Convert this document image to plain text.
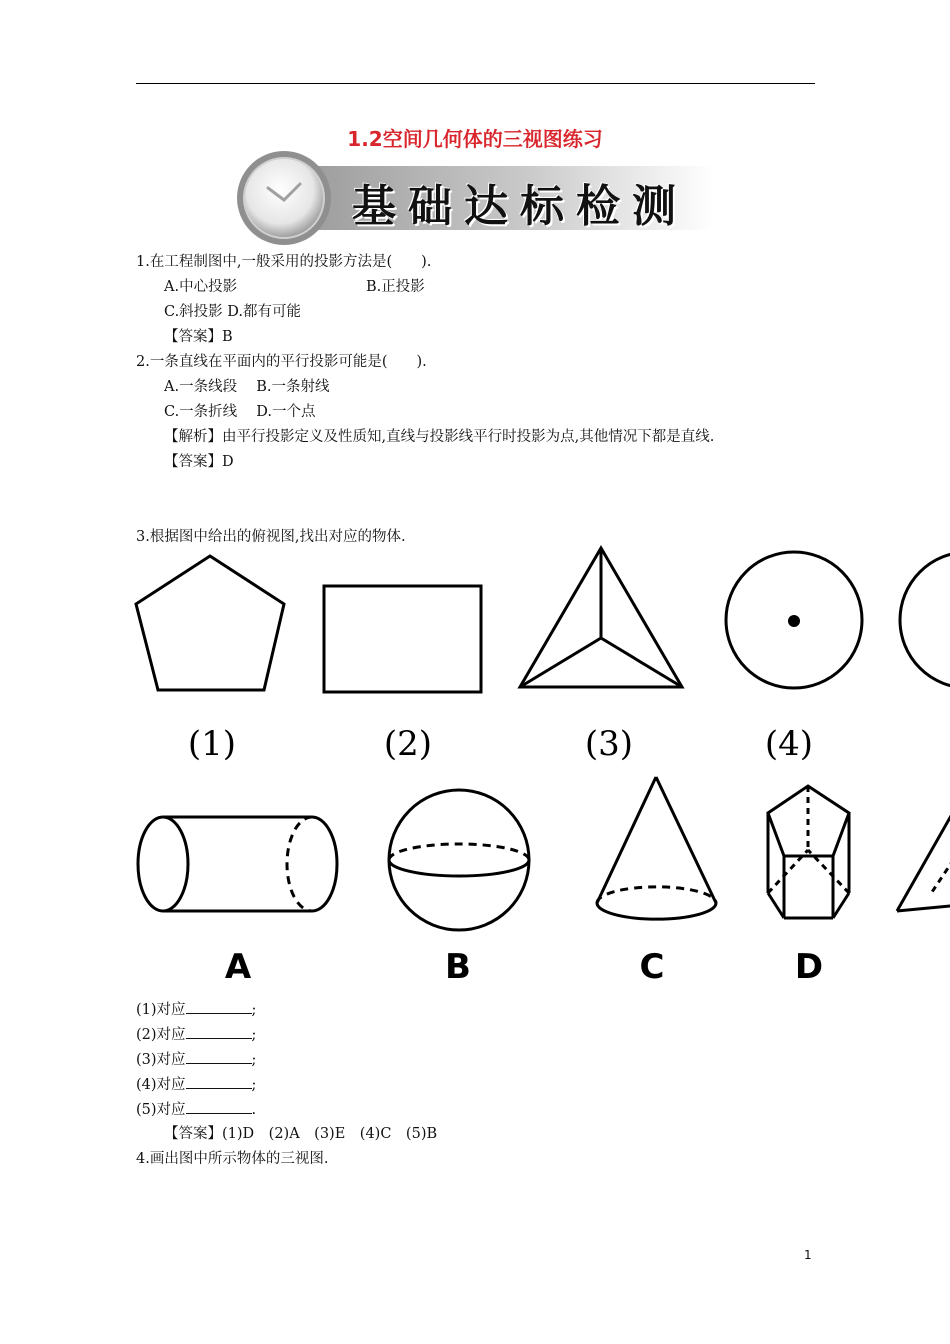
1.2空间几何体的三视图练习
基础达标检测
1.在工程制图中,一般采用的投影方法是(　　).
A.中心投影	B.正投影
C.斜投影 D.都有可能
【答案】B
2.一条直线在平面内的平行投影可能是(　　).
A.一条线段　 B.一条射线
C.一条折线　 D.一个点
【解析】由平行投影定义及性质知,直线与投影线平行时投影为点,其他情况下都是直线.
【答案】D
3.根据图中给出的俯视图,找出对应的物体.
(1)	(2)	(3)	(4)
A	B	C	D
(1)对应	;
(2)对应	;
(3)对应	;
(4)对应	;
(5)对应	.
【答案】(1)D　(2)A　(3)E　(4)C　(5)B
4.画出图中所示物体的三视图.
1
